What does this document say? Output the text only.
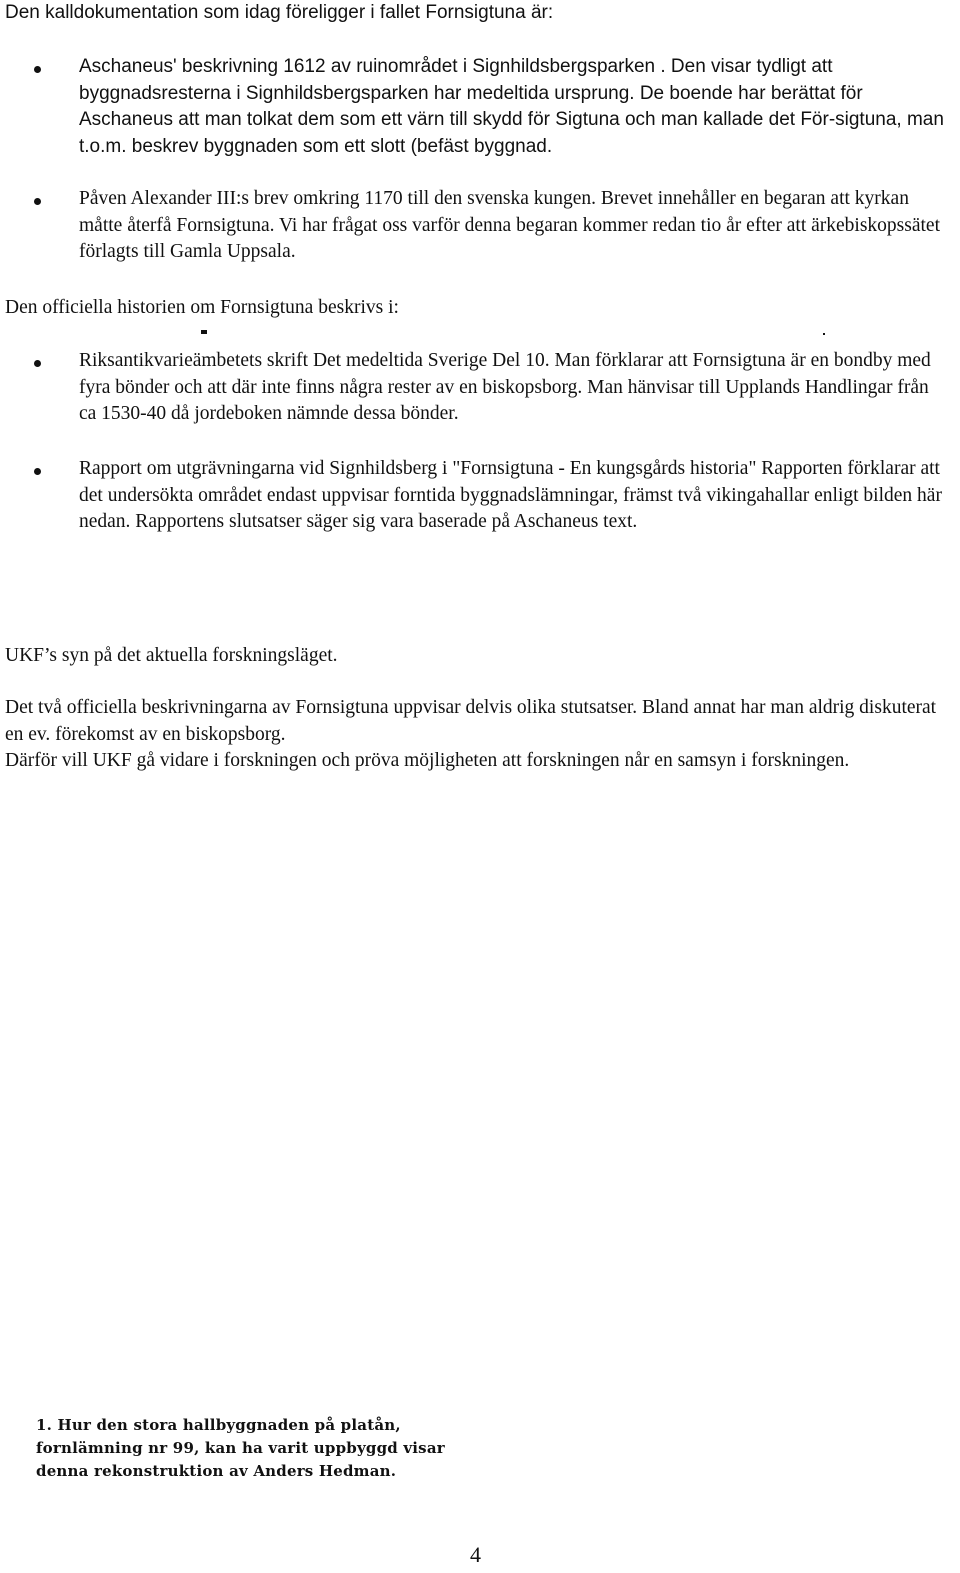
Den kalldokumentation som idag föreligger i fallet Fornsigtuna är:

Aschaneus' beskrivning 1612 av ruinområdet i Signhildsbergsparken . Den visar tydligt att byggnadsresterna i Signhildsbergsparken har medeltida ursprung. De boende har berättat för Aschaneus att man tolkat dem som ett värn till skydd för Sigtuna och man kallade det För-sigtuna, man t.o.m. beskrev byggnaden som ett slott (befäst byggnad.

Påven Alexander III:s brev omkring 1170 till den svenska kungen. Brevet innehåller en begaran att kyrkan måtte återfå Fornsigtuna. Vi har frågat oss varför denna begaran kommer redan tio år efter att ärkebiskopssätet förlagts till Gamla Uppsala.

Den officiella historien om Fornsigtuna beskrivs i:

Riksantikvarieämbetets skrift Det medeltida Sverige Del 10. Man förklarar att Fornsigtuna är en bondby med fyra bönder och att där inte finns några rester av en biskopsborg. Man hänvisar till Upplands Handlingar från ca 1530-40 då jordeboken nämnde dessa bönder.

Rapport om utgrävningarna vid Signhildsberg i "Fornsigtuna - En kungsgårds historia" Rapporten förklarar att det undersökta området endast uppvisar forntida byggnadslämningar, främst två vikingahallar enligt bilden här nedan. Rapportens slutsatser säger sig vara baserade på Aschaneus text.

UKF’s syn på det aktuella forskningsläget.

Det två officiella beskrivningarna av Fornsigtuna uppvisar delvis olika stutsatser. Bland annat har man aldrig diskuterat en ev. förekomst av en biskopsborg.

Därför vill UKF gå vidare i forskningen och pröva möjligheten att forskningen når en samsyn i forskningen.

1. Hur den stora hallbyggnaden på platån, fornlämning nr 99, kan ha varit uppbyggd visar denna rekonstruktion av Anders Hedman.

4
